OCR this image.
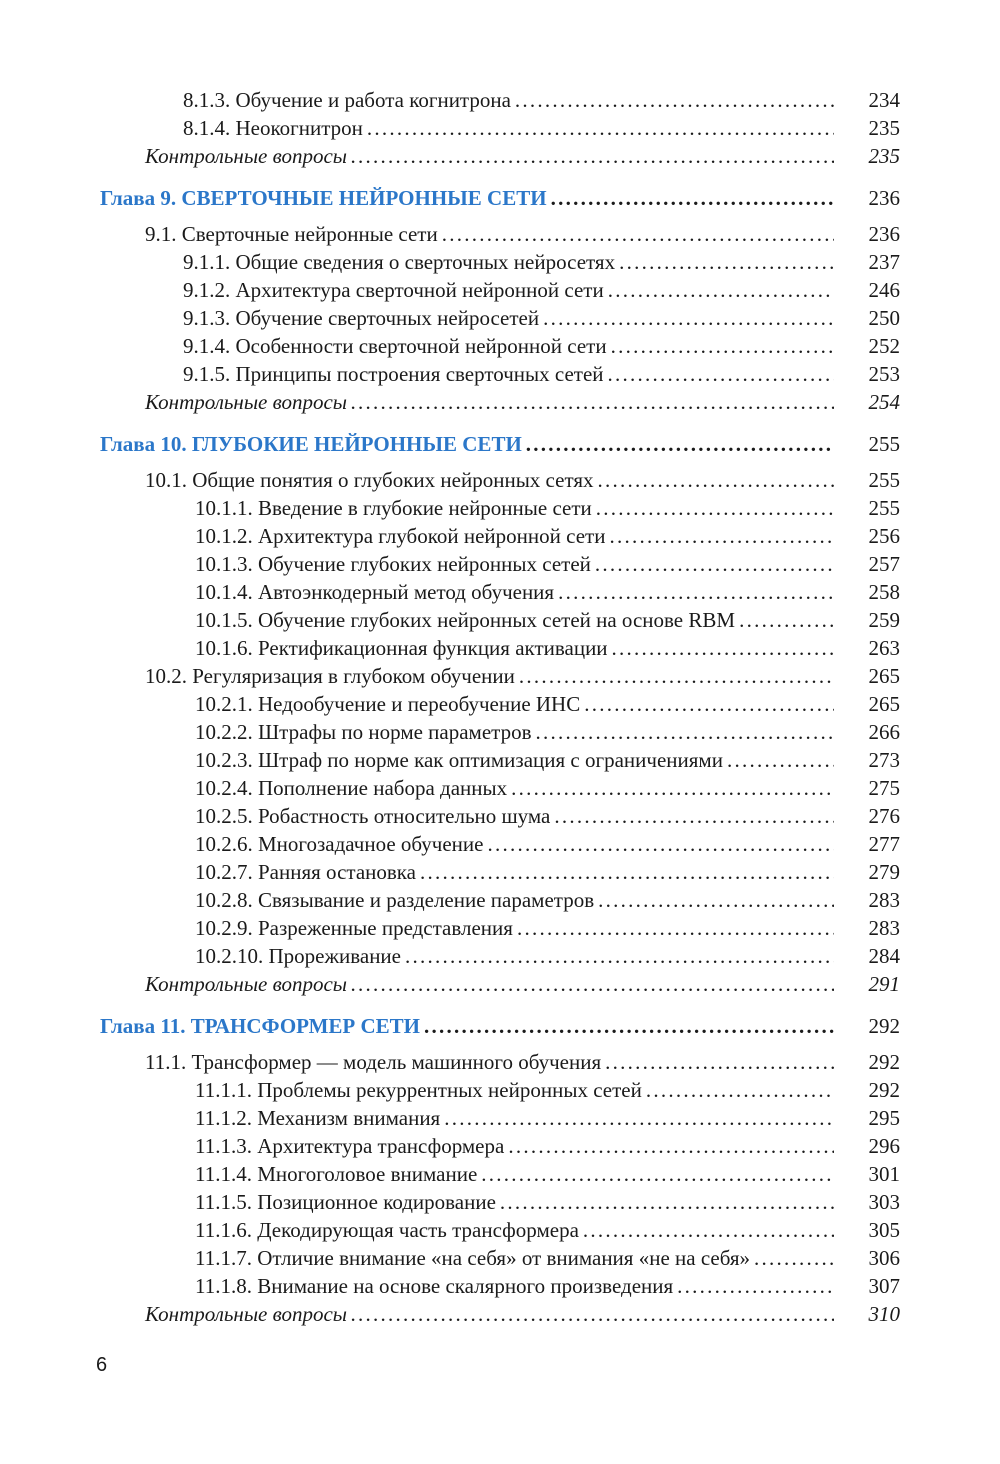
8.1.3. Обучение и работа когнитрона . . .	234
8.1.4. Неокогнитрон . . .	235
Контрольные вопросы . . .	235
Глава 9. СВЕРТОЧНЫЕ НЕЙРОННЫЕ СЕТИ . . .	236
9.1. Сверточные нейронные сети . . .	236
9.1.1. Общие сведения о сверточных нейросетях . . .	237
9.1.2. Архитектура сверточной нейронной сети . . .	246
9.1.3. Обучение сверточных нейросетей . . .	250
9.1.4. Особенности сверточной нейронной сети . . .	252
9.1.5. Принципы построения сверточных сетей . . .	253
Контрольные вопросы . . .	254
Глава 10. ГЛУБОКИЕ НЕЙРОННЫЕ СЕТИ . . .	255
10.1. Общие понятия о глубоких нейронных сетях . . .	255
10.1.1. Введение в глубокие нейронные сети . . .	255
10.1.2. Архитектура глубокой нейронной сети . . .	256
10.1.3. Обучение глубоких нейронных сетей . . .	257
10.1.4. Автоэнкодерный метод обучения . . .	258
10.1.5. Обучение глубоких нейронных сетей на основе RBM . . .	259
10.1.6. Ректификационная функция активации . . .	263
10.2. Регуляризация в глубоком обучении . . .	265
10.2.1. Недообучение и переобучение ИНС . . .	265
10.2.2. Штрафы по норме параметров . . .	266
10.2.3. Штраф по норме как оптимизация с ограничениями . . .	273
10.2.4. Пополнение набора данных . . .	275
10.2.5. Робастность относительно шума . . .	276
10.2.6. Многозадачное обучение . . .	277
10.2.7. Ранняя остановка . . .	279
10.2.8. Связывание и разделение параметров . . .	283
10.2.9. Разреженные представления . . .	283
10.2.10. Прореживание . . .	284
Контрольные вопросы . . .	291
Глава 11. ТРАНСФОРМЕР СЕТИ . . .	292
11.1. Трансформер — модель машинного обучения . . .	292
11.1.1. Проблемы рекуррентных нейронных сетей . . .	292
11.1.2. Механизм внимания . . .	295
11.1.3. Архитектура трансформера . . .	296
11.1.4. Многоголовое внимание . . .	301
11.1.5. Позиционное кодирование . . .	303
11.1.6. Декодирующая часть трансформера . . .	305
11.1.7. Отличие внимание «на себя» от внимания «не на себя» . . .	306
11.1.8. Внимание на основе скалярного произведения . . .	307
Контрольные вопросы . . .	310
6
